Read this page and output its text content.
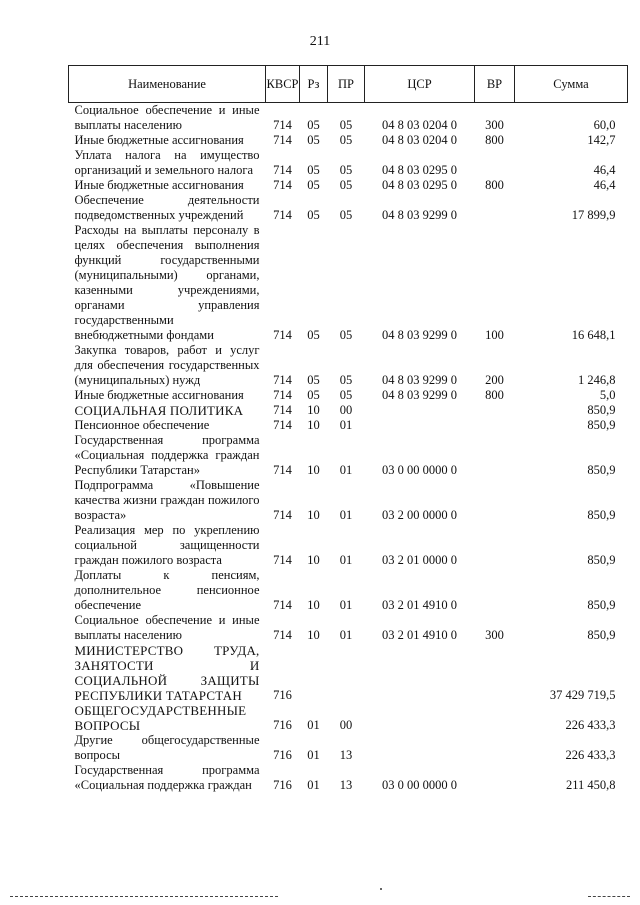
211
Наименование	КВСР	Рз	ПР	ЦСР	ВР	Сумма
Социальное обеспечение и иные выплаты населению	714	05	05	04 8 03 0204 0	300	60,0
Иные бюджетные ассигнования	714	05	05	04 8 03 0204 0	800	142,7
Уплата налога на имущество организаций и земельного налога	714	05	05	04 8 03 0295 0		46,4
Иные бюджетные ассигнования	714	05	05	04 8 03 0295 0	800	46,4
Обеспечение деятельности подведомственных учреждений	714	05	05	04 8 03 9299 0		17 899,9
Расходы на выплаты персоналу в целях обеспечения выполнения функций государственными (муниципальными) органами, казенными учреждениями, органами управления государственными внебюджетными фондами	714	05	05	04 8 03 9299 0	100	16 648,1
Закупка товаров, работ и услуг для обеспечения государственных (муниципальных) нужд	714	05	05	04 8 03 9299 0	200	1 246,8
Иные бюджетные ассигнования	714	05	05	04 8 03 9299 0	800	5,0
СОЦИАЛЬНАЯ ПОЛИТИКА	714	10	00			850,9
Пенсионное обеспечение	714	10	01			850,9
Государственная программа «Социальная поддержка граждан Республики Татарстан»	714	10	01	03 0 00 0000 0		850,9
Подпрограмма «Повышение качества жизни граждан пожилого возраста»	714	10	01	03 2 00 0000 0		850,9
Реализация мер по укреплению социальной защищенности граждан пожилого возраста	714	10	01	03 2 01 0000 0		850,9
Доплаты к пенсиям, дополнительное пенсионное обеспечение	714	10	01	03 2 01 4910 0		850,9
Социальное обеспечение и иные выплаты населению	714	10	01	03 2 01 4910 0	300	850,9
МИНИСТЕРСТВО ТРУДА, ЗАНЯТОСТИ И СОЦИАЛЬНОЙ ЗАЩИТЫ РЕСПУБЛИКИ ТАТАРСТАН	716					37 429 719,5
ОБЩЕГОСУДАРСТВЕННЫЕ ВОПРОСЫ	716	01	00			226 433,3
Другие общегосударственные вопросы	716	01	13			226 433,3
Государственная программа «Социальная поддержка граждан	716	01	13	03 0 00 0000 0		211 450,8
